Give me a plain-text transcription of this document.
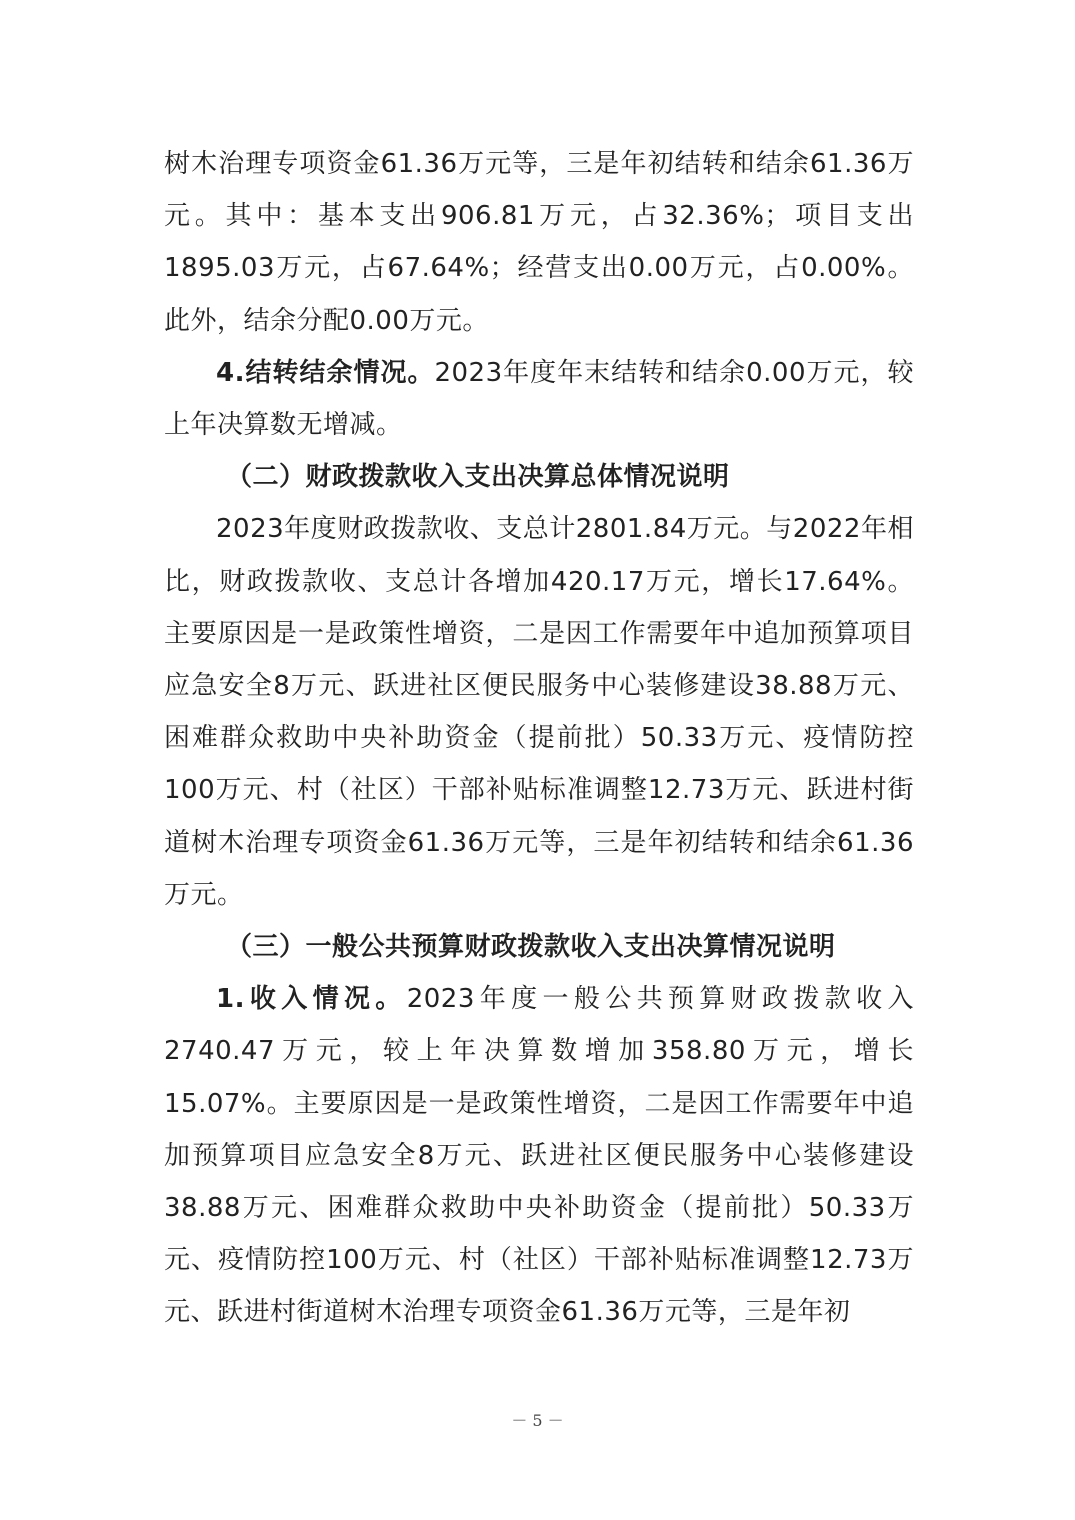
树木治理专项资金61.36万元等，三是年初结转和结余61.36万元。其中：基本支出906.81万元，占32.36%；项目支出1895.03万元，占67.64%；经营支出0.00万元，占0.00%。此外，结余分配0.00万元。

4.结转结余情况。2023年度年末结转和结余0.00万元，较上年决算数无增减。

（二）财政拨款收入支出决算总体情况说明

2023年度财政拨款收、支总计2801.84万元。与2022年相比，财政拨款收、支总计各增加420.17万元，增长17.64%。主要原因是一是政策性增资，二是因工作需要年中追加预算项目应急安全8万元、跃进社区便民服务中心装修建设38.88万元、困难群众救助中央补助资金（提前批）50.33万元、疫情防控100万元、村（社区）干部补贴标准调整12.73万元、跃进村街道树木治理专项资金61.36万元等，三是年初结转和结余61.36万元。

（三）一般公共预算财政拨款收入支出决算情况说明

1.收入情况。2023年度一般公共预算财政拨款收入2740.47万元，较上年决算数增加358.80万元，增长15.07%。主要原因是一是政策性增资，二是因工作需要年中追加预算项目应急安全8万元、跃进社区便民服务中心装修建设38.88万元、困难群众救助中央补助资金（提前批）50.33万元、疫情防控100万元、村（社区）干部补贴标准调整12.73万元、跃进村街道树木治理专项资金61.36万元等，三是年初

－ 5 －
